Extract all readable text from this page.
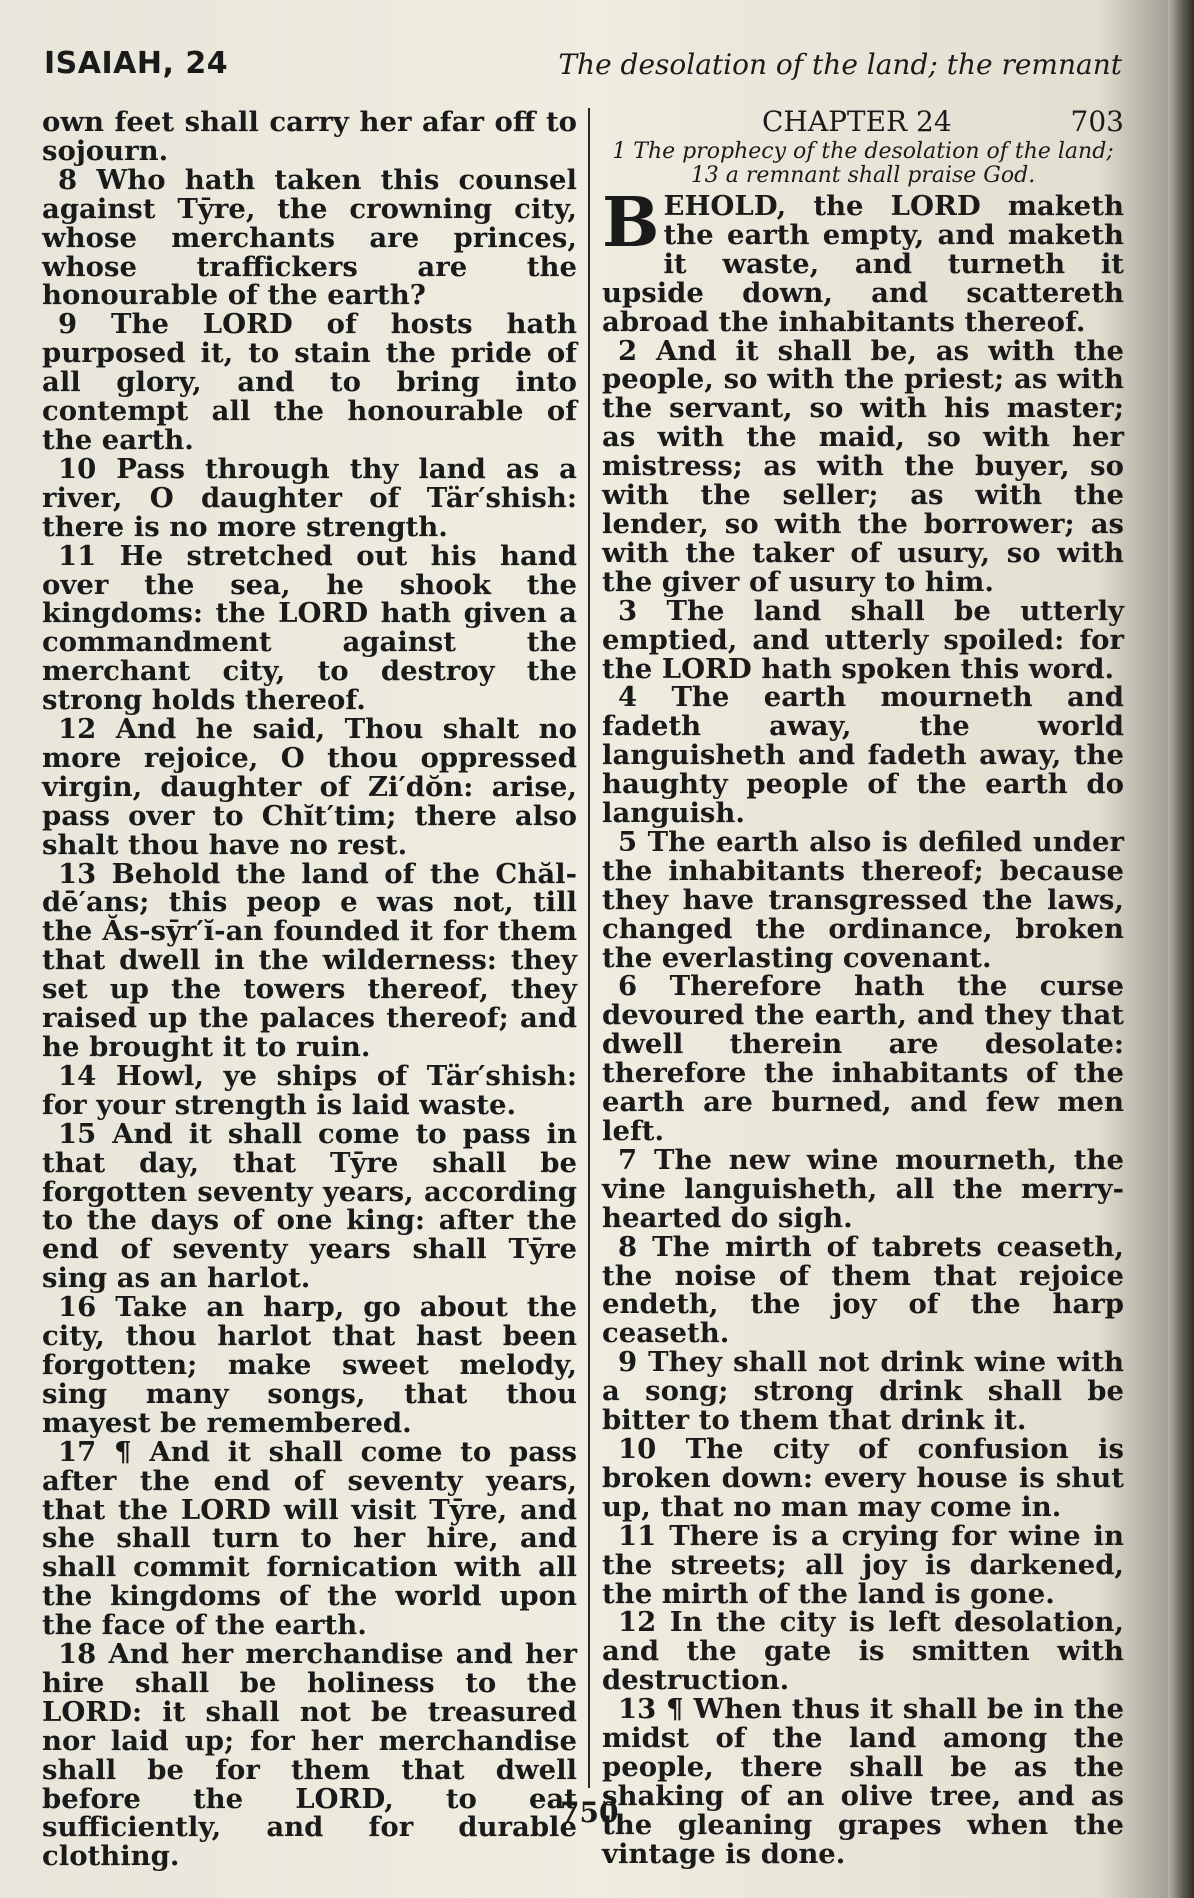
ISAIAH, 24	The desolation of the land; the remnant

own feet shall carry her afar off to sojourn.

8 Who hath taken this counsel against Tȳre, the crowning city, whose merchants are princes, whose traffickers are the honourable of the earth?

9 The LORD of hosts hath purposed it, to stain the pride of all glory, and to bring into contempt all the honourable of the earth.

10 Pass through thy land as a river, O daughter of Tär′shish: there is no more strength.

11 He stretched out his hand over the sea, he shook the kingdoms: the LORD hath given a commandment against the merchant city, to destroy the strong holds thereof.

12 And he said, Thou shalt no more rejoice, O thou oppressed virgin, daughter of Zi′dŏn: arise, pass over to Chĭt′tim; there also shalt thou have no rest.

13 Behold the land of the Chăl-dē′ans; this peop e was not, till the Ăs-sȳr′ĭ-an founded it for them that dwell in the wilderness: they set up the towers thereof, they raised up the palaces thereof; and he brought it to ruin.

14 Howl, ye ships of Tär′shish: for your strength is laid waste.

15 And it shall come to pass in that day, that Tȳre shall be forgotten seventy years, according to the days of one king: after the end of seventy years shall Tȳre sing as an harlot.

16 Take an harp, go about the city, thou harlot that hast been forgotten; make sweet melody, sing many songs, that thou mayest be remembered.

17 ¶ And it shall come to pass after the end of seventy years, that the LORD will visit Tȳre, and she shall turn to her hire, and shall commit fornication with all the kingdoms of the world upon the face of the earth.

18 And her merchandise and her hire shall be holiness to the LORD: it shall not be treasured nor laid up; for her merchandise shall be for them that dwell before the LORD, to eat sufficiently, and for durable clothing.

CHAPTER 24	703
1 The prophecy of the desolation of the land; 13 a remnant shall praise God.

BEHOLD, the LORD maketh the earth empty, and maketh it waste, and turneth it upside down, and scattereth abroad the inhabitants thereof.

2 And it shall be, as with the people, so with the priest; as with the servant, so with his master; as with the maid, so with her mistress; as with the buyer, so with the seller; as with the lender, so with the borrower; as with the taker of usury, so with the giver of usury to him.

3 The land shall be utterly emptied, and utterly spoiled: for the LORD hath spoken this word.

4 The earth mourneth and fadeth away, the world languisheth and fadeth away, the haughty people of the earth do languish.

5 The earth also is defiled under the inhabitants thereof; because they have transgressed the laws, changed the ordinance, broken the everlasting covenant.

6 Therefore hath the curse devoured the earth, and they that dwell therein are desolate: therefore the inhabitants of the earth are burned, and few men left.

7 The new wine mourneth, the vine languisheth, all the merry-hearted do sigh.

8 The mirth of tabrets ceaseth, the noise of them that rejoice endeth, the joy of the harp ceaseth.

9 They shall not drink wine with a song; strong drink shall be bitter to them that drink it.

10 The city of confusion is broken down: every house is shut up, that no man may come in.

11 There is a crying for wine in the streets; all joy is darkened, the mirth of the land is gone.

12 In the city is left desolation, and the gate is smitten with destruction.

13 ¶ When thus it shall be in the midst of the land among the people, there shall be as the shaking of an olive tree, and as the gleaning grapes when the vintage is done.

750
